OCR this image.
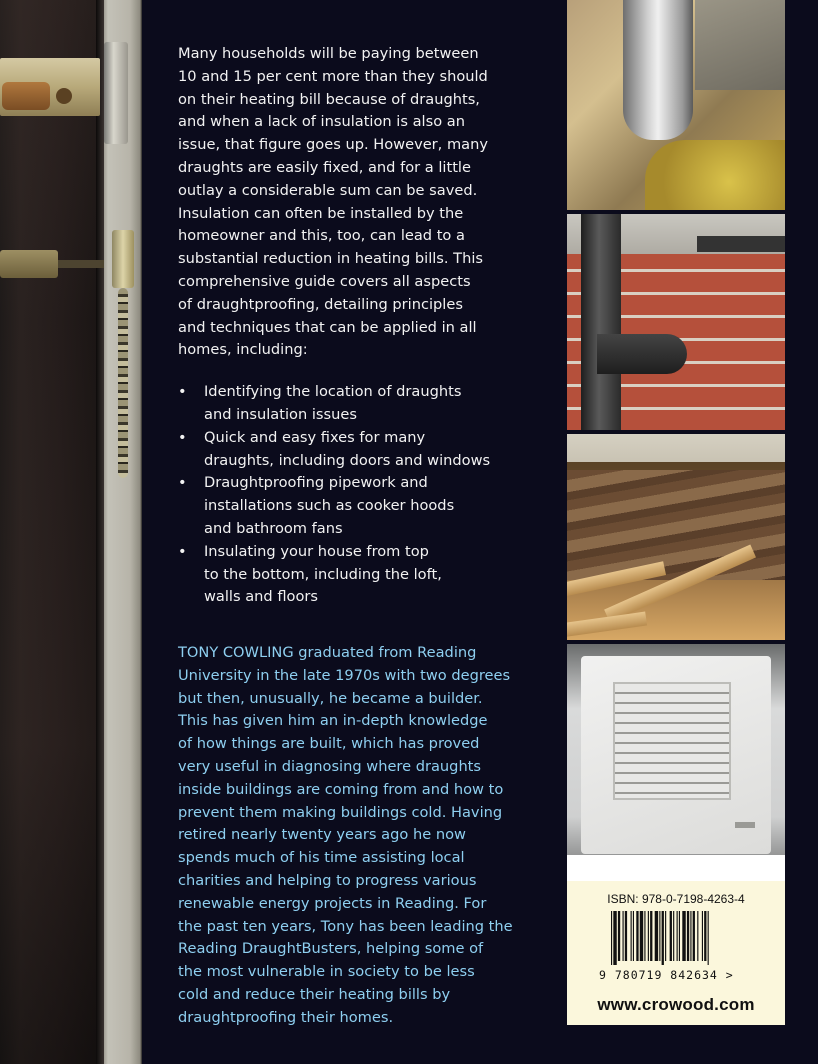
Many households will be paying between
10 and 15 per cent more than they should
on their heating bill because of draughts,
and when a lack of insulation is also an
issue, that figure goes up. However, many
draughts are easily fixed, and for a little
outlay a considerable sum can be saved.
Insulation can often be installed by the
homeowner and this, too, can lead to a
substantial reduction in heating bills. This
comprehensive guide covers all aspects
of draughtproofing, detailing principles
and techniques that can be applied in all
homes, including:

• Identifying the location of draughts
and insulation issues
• Quick and easy fixes for many
draughts, including doors and windows
• Draughtproofing pipework and
installations such as cooker hoods
and bathroom fans
• Insulating your house from top
to the bottom, including the loft,
walls and floors
TONY COWLING graduated from Reading
University in the late 1970s with two degrees
but then, unusually, he became a builder.
This has given him an in-depth knowledge
of how things are built, which has proved
very useful in diagnosing where draughts
inside buildings are coming from and how to
prevent them making buildings cold. Having
retired nearly twenty years ago he now
spends much of his time assisting local
charities and helping to progress various
renewable energy projects in Reading. For
the past ten years, Tony has been leading the
Reading DraughtBusters, helping some of
the most vulnerable in society to be less
cold and reduce their heating bills by
draughtproofing their homes.
ISBN: 978-0-7198-4263-4
9 780719 842634 >
www.crowood.com
